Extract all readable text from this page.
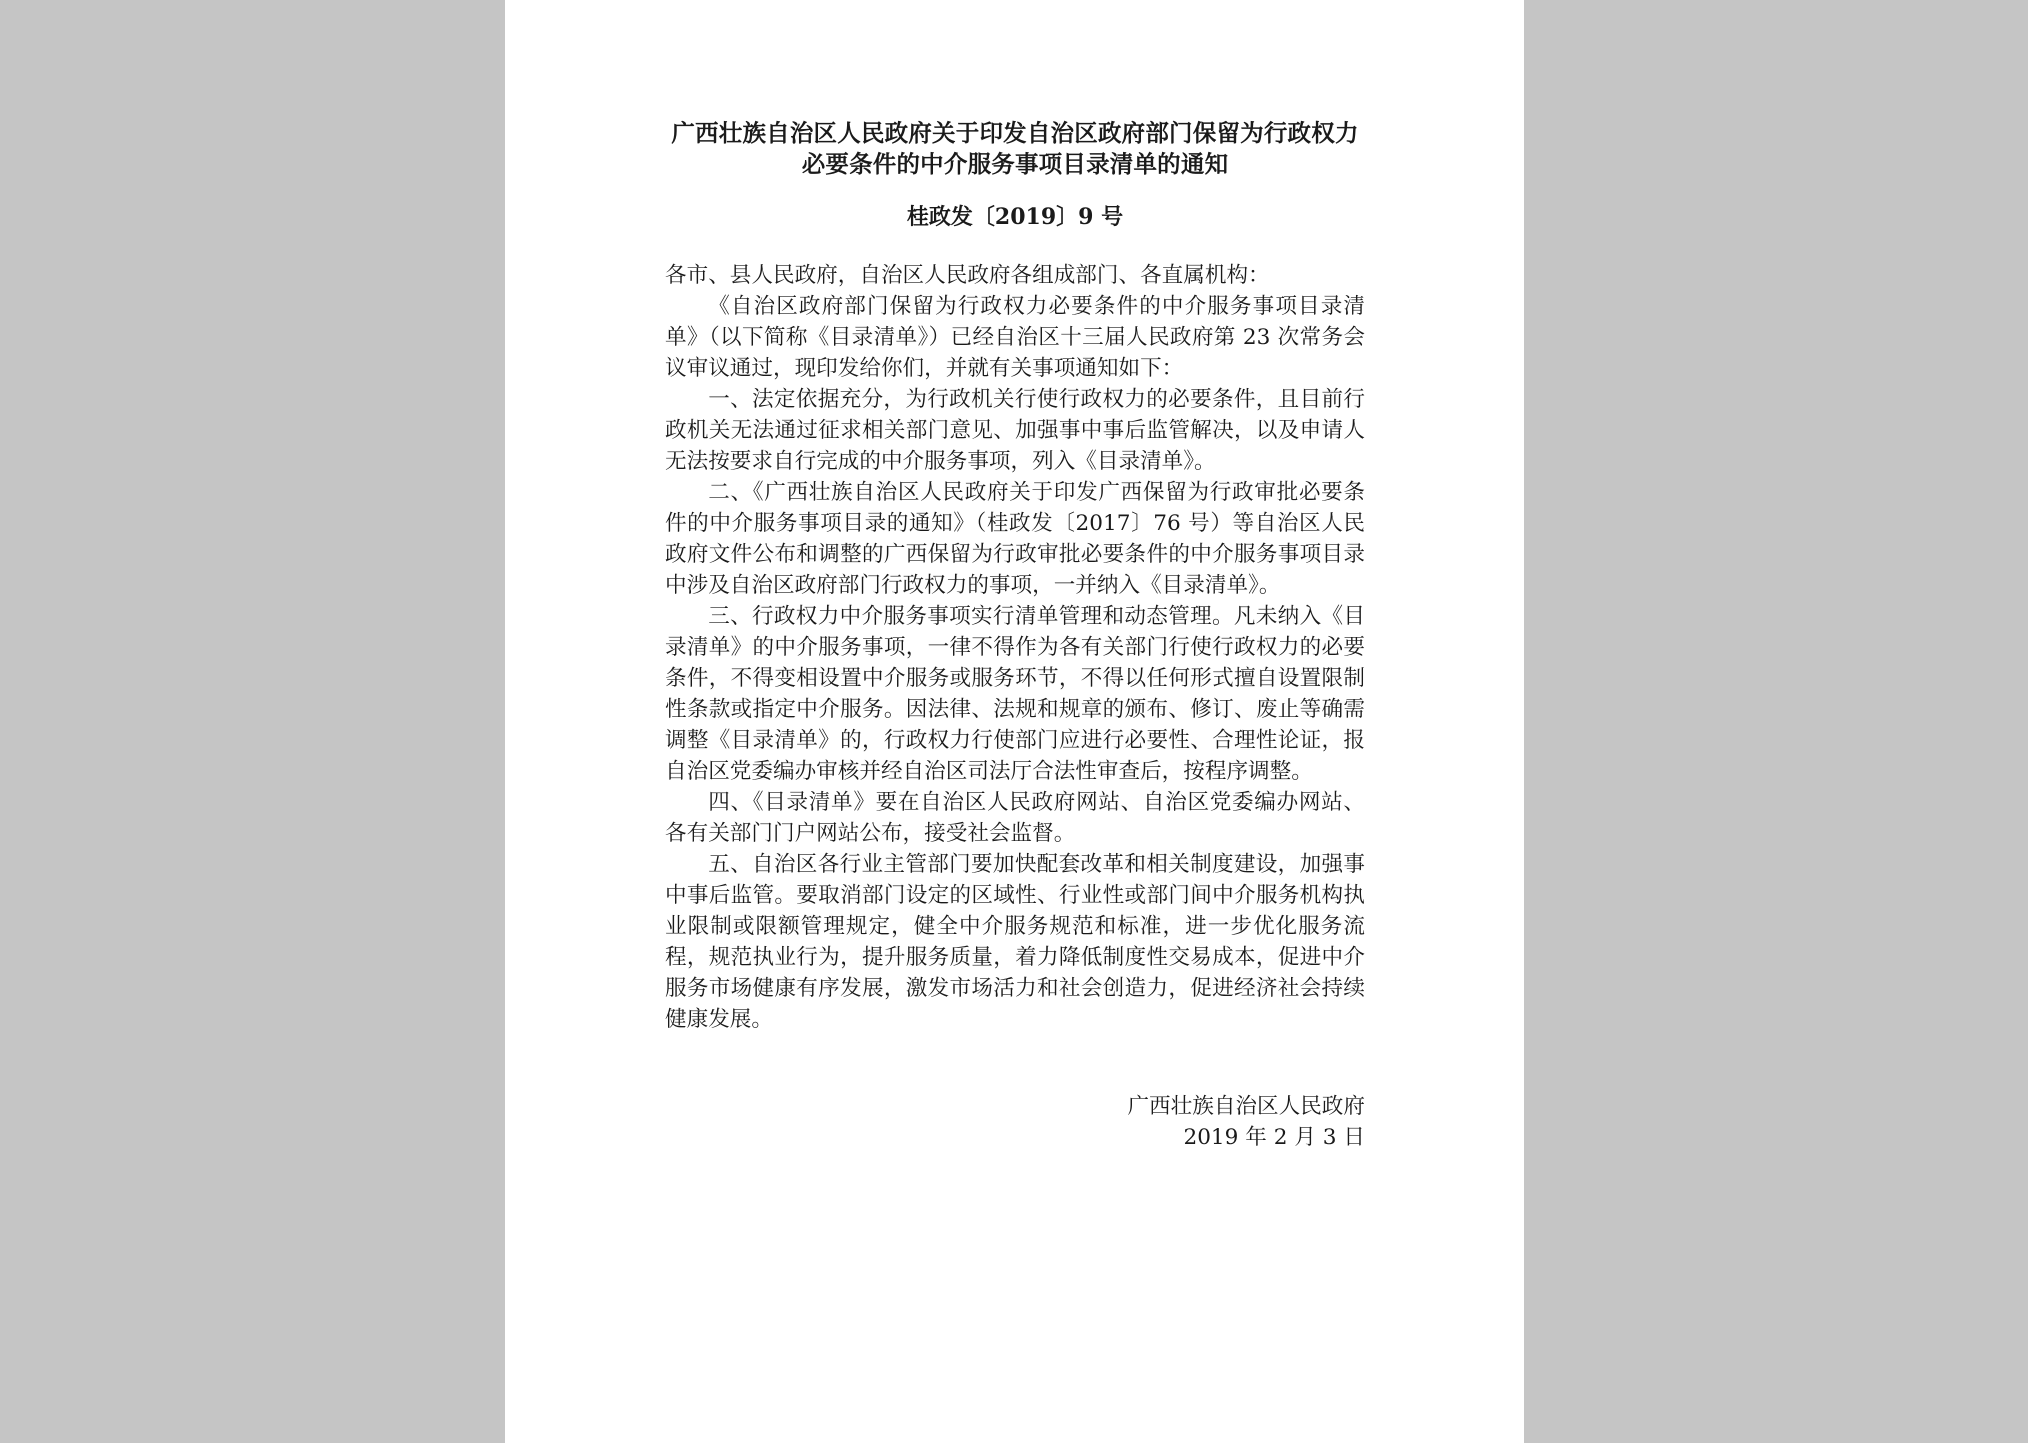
广西壮族自治区人民政府关于印发自治区政府部门保留为行政权力
必要条件的中介服务事项目录清单的通知
桂政发〔2019〕9 号

各市、县人民政府，自治区人民政府各组成部门、各直属机构：

《自治区政府部门保留为行政权力必要条件的中介服务事项目录清单》（以下简称《目录清单》）已经自治区十三届人民政府第 23 次常务会议审议通过，现印发给你们，并就有关事项通知如下：

一、法定依据充分，为行政机关行使行政权力的必要条件，且目前行政机关无法通过征求相关部门意见、加强事中事后监管解决，以及申请人无法按要求自行完成的中介服务事项，列入《目录清单》。

二、《广西壮族自治区人民政府关于印发广西保留为行政审批必要条件的中介服务事项目录的通知》（桂政发〔2017〕76 号）等自治区人民政府文件公布和调整的广西保留为行政审批必要条件的中介服务事项目录中涉及自治区政府部门行政权力的事项，一并纳入《目录清单》。

三、行政权力中介服务事项实行清单管理和动态管理。凡未纳入《目录清单》的中介服务事项，一律不得作为各有关部门行使行政权力的必要条件，不得变相设置中介服务或服务环节，不得以任何形式擅自设置限制性条款或指定中介服务。因法律、法规和规章的颁布、修订、废止等确需调整《目录清单》的，行政权力行使部门应进行必要性、合理性论证，报自治区党委编办审核并经自治区司法厅合法性审查后，按程序调整。

四、《目录清单》要在自治区人民政府网站、自治区党委编办网站、各有关部门门户网站公布，接受社会监督。

五、自治区各行业主管部门要加快配套改革和相关制度建设，加强事中事后监管。要取消部门设定的区域性、行业性或部门间中介服务机构执业限制或限额管理规定，健全中介服务规范和标准，进一步优化服务流程，规范执业行为，提升服务质量，着力降低制度性交易成本，促进中介服务市场健康有序发展，激发市场活力和社会创造力，促进经济社会持续健康发展。

广西壮族自治区人民政府
2019 年 2 月 3 日
